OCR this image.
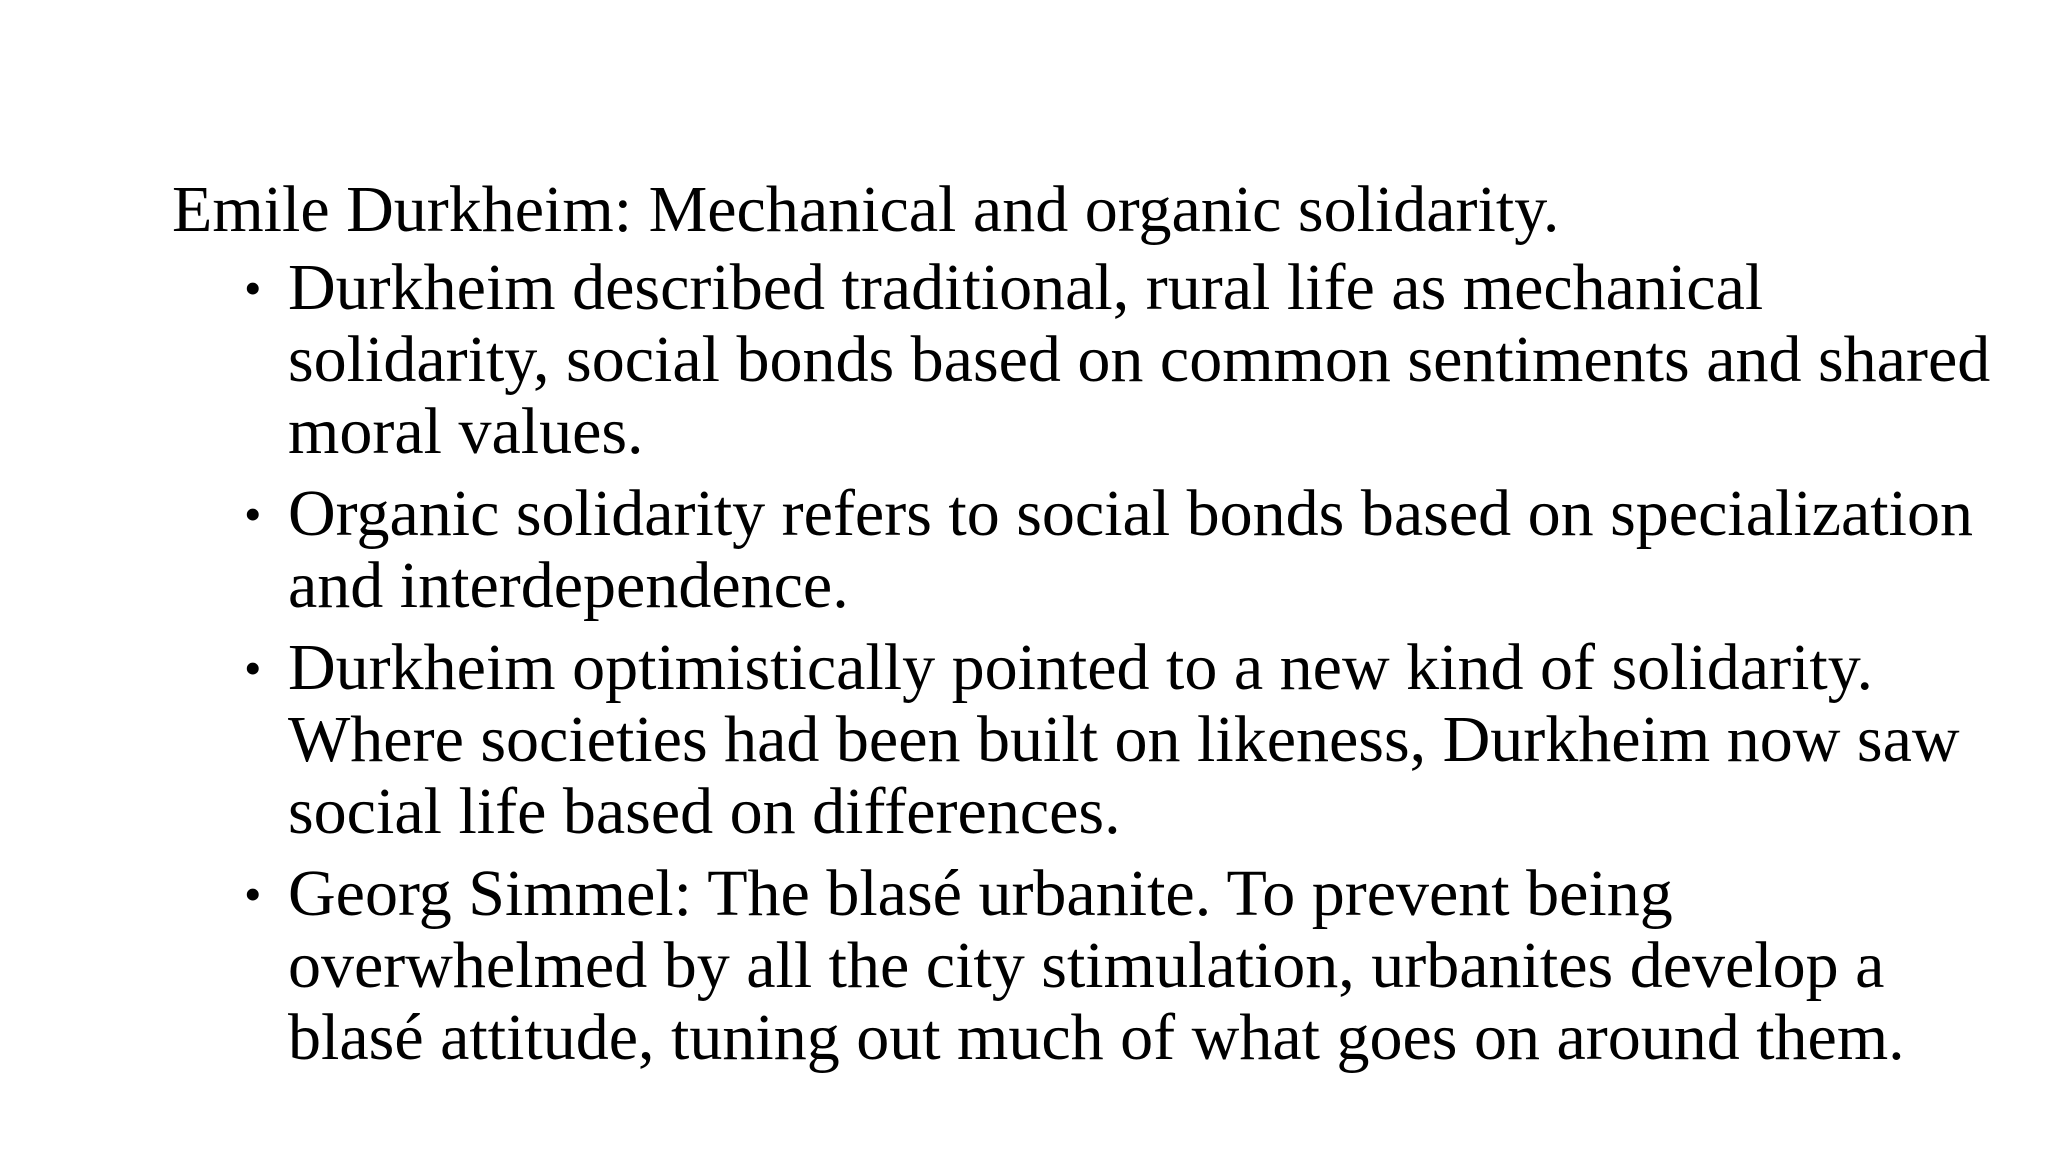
Emile Durkheim: Mechanical and organic solidarity.

• Durkheim described traditional, rural life as mechanical solidarity, social bonds based on common sentiments and shared moral values.
• Organic solidarity refers to social bonds based on specialization and interdependence.
• Durkheim optimistically pointed to a new kind of solidarity. Where societies had been built on likeness, Durkheim now saw social life based on differences.
• Georg Simmel: The blasé urbanite. To prevent being overwhelmed by all the city stimulation, urbanites develop a blasé attitude, tuning out much of what goes on around them.
